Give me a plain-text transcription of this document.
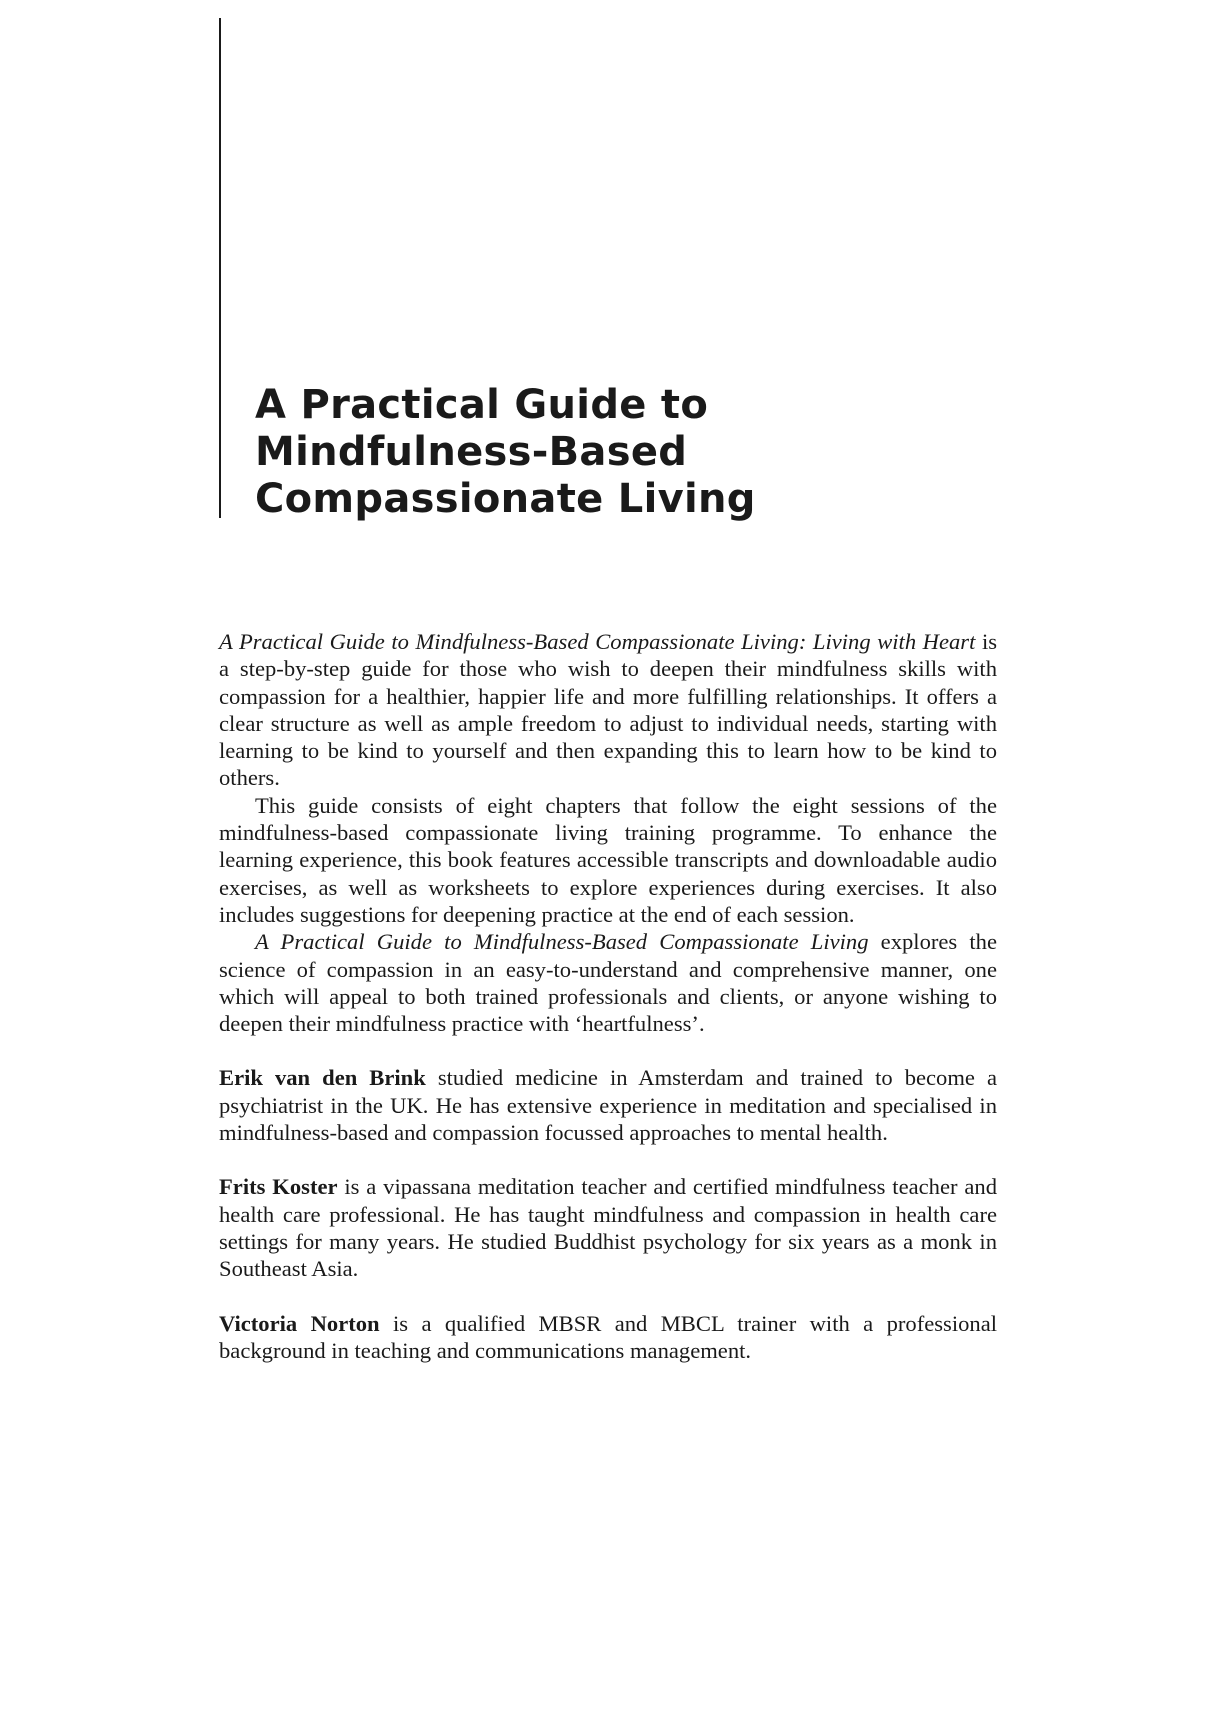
A Practical Guide to
Mindfulness-Based
Compassionate Living

A Practical Guide to Mindfulness-Based Compassionate Living: Living with Heart is a step-by-step guide for those who wish to deepen their mindfulness skills with compassion for a healthier, happier life and more fulfilling relationships. It offers a clear structure as well as ample freedom to adjust to individual needs, starting with learning to be kind to yourself and then expanding this to learn how to be kind to others.

This guide consists of eight chapters that follow the eight sessions of the mindfulness-based compassionate living training programme. To enhance the learning experience, this book features accessible transcripts and downloadable audio exercises, as well as worksheets to explore experiences during exercises. It also includes suggestions for deepening practice at the end of each session.

A Practical Guide to Mindfulness-Based Compassionate Living explores the science of compassion in an easy-to-understand and comprehensive manner, one which will appeal to both trained professionals and clients, or anyone wishing to deepen their mindfulness practice with ‘heartfulness’.

Erik van den Brink studied medicine in Amsterdam and trained to become a psychiatrist in the UK. He has extensive experience in meditation and specialised in mindfulness-based and compassion focussed approaches to mental health.

Frits Koster is a vipassana meditation teacher and certified mindfulness teacher and health care professional. He has taught mindfulness and compassion in health care settings for many years. He studied Buddhist psychology for six years as a monk in Southeast Asia.

Victoria Norton is a qualified MBSR and MBCL trainer with a professional background in teaching and communications management.
